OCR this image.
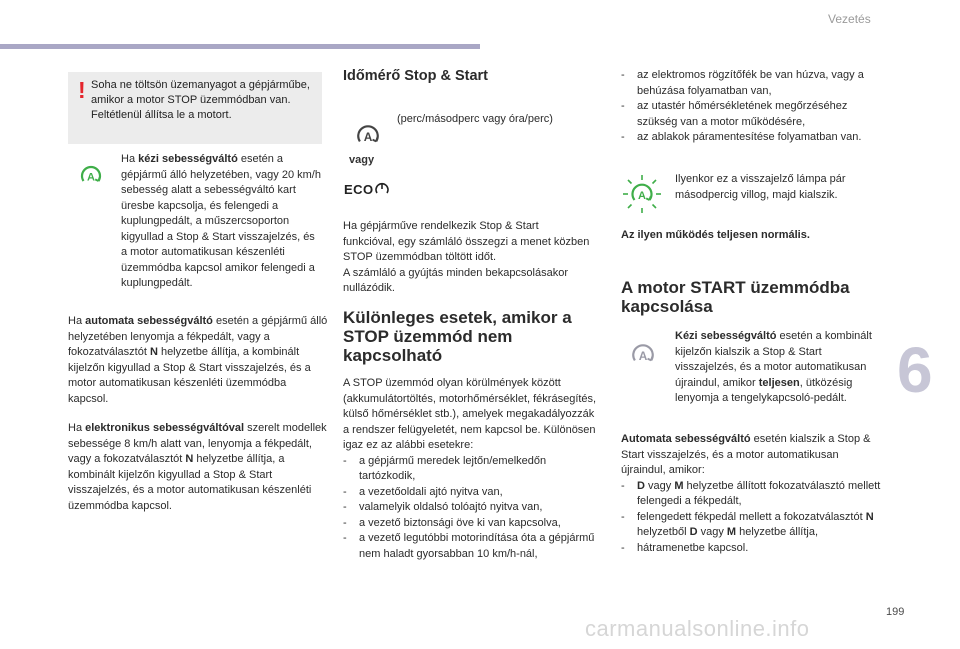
Vezetés
6
199
carmanualsonline.info
! Soha ne töltsön üzemanyagot a gépjárműbe, amikor a motor STOP üzemmódban van. Feltétlenül állítsa le a motort.
A
Ha kézi sebességváltó esetén a gépjármű álló helyzetében, vagy 20 km/h sebesség alatt a sebességváltó kart üresbe kapcsolja, és felengedi a kuplungpedált, a műszercsoporton kigyullad a Stop & Start visszajelzés, és a motor automatikusan készenléti üzemmódba kapcsol amikor felengedi a kuplungpedált.
Ha automata sebességváltó esetén a gépjármű álló helyzetében lenyomja a fékpedált, vagy a fokozatválasztót N helyzetbe állítja, a kombinált kijelzőn kigyullad a Stop & Start visszajelzés, és a motor automatikusan készenléti üzemmódba kapcsol.
Ha elektronikus sebességváltóval szerelt modellek sebessége 8 km/h alatt van, lenyomja a fékpedált, vagy a fokozatválasztót N helyzetbe állítja, a kombinált kijelzőn kigyullad a Stop & Start visszajelzés, és a motor automatikusan készenléti üzemmódba kapcsol.
Időmérő Stop & Start
A
vagy
(perc/másodperc vagy óra/perc)
ECO
Ha gépjárműve rendelkezik Stop & Start funkcióval, egy számláló összegzi a menet közben STOP üzemmódban töltött időt.
A számláló a gyújtás minden bekapcsolásakor nullázódik.
Különleges esetek, amikor a STOP üzemmód nem kapcsolható
A STOP üzemmód olyan körülmények között (akkumulátortöltés, motorhőmérséklet, fékrásegítés, külső hőmérséklet stb.), amelyek megakadályozzák a rendszer felügyeletét, nem kapcsol be. Különösen igaz ez az alábbi esetekre:
- a gépjármű meredek lejtőn/emelkedőn tartózkodik,
- a vezetőoldali ajtó nyitva van,
- valamelyik oldalsó tolóajtó nyitva van,
- a vezető biztonsági öve ki van kapcsolva,
- a vezető legutóbbi motorindítása óta a gépjármű nem haladt gyorsabban 10 km/h-nál,
- az elektromos rögzítőfék be van húzva, vagy a behúzása folyamatban van,
- az utastér hőmérsékletének megőrzéséhez szükség van a motor működésére,
- az ablakok páramentesítése folyamatban van.
A
Ilyenkor ez a visszajelző lámpa pár másodpercig villog, majd kialszik.
Az ilyen működés teljesen normális.
A motor START üzemmódba kapcsolása
A
Kézi sebességváltó esetén a kombinált kijelzőn kialszik a Stop & Start visszajelzés, és a motor automatikusan újraindul, amikor teljesen, ütközésig lenyomja a tengelykapcsoló-pedált.
Automata sebességváltó esetén kialszik a Stop & Start visszajelzés, és a motor automatikusan újraindul, amikor:
- D vagy M helyzetbe állított fokozatválasztó mellett felengedi a fékpedált,
- felengedett fékpedál mellett a fokozatválasztót N helyzetből D vagy M helyzetbe állítja,
- hátramenetbe kapcsol.
